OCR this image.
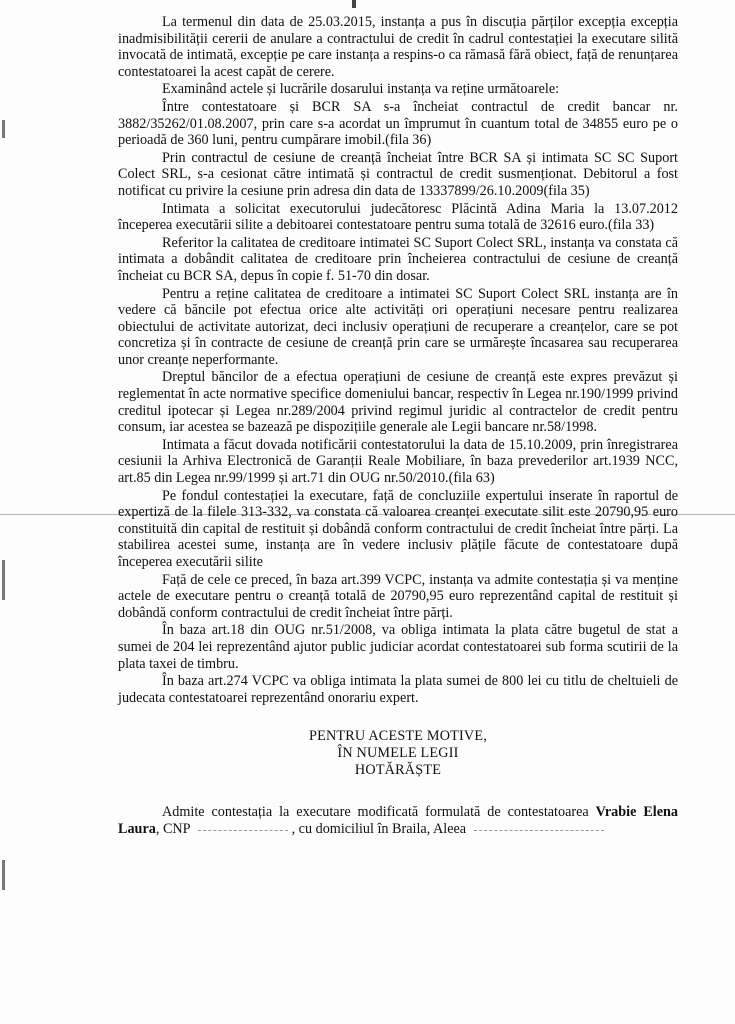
La termenul din data de 25.03.2015, instanța a pus în discuția părților excepția excepția inadmisibilității cererii de anulare a contractului de credit în cadrul contestației la executare silită invocată de intimată, excepție pe care instanța a respins-o ca rămasă fără obiect, față de renunțarea contestatoarei la acest capăt de cerere.

Examinând actele și lucrările dosarului instanța va reține următoarele:

Între contestatoare și BCR SA s-a încheiat contractul de credit bancar nr. 3882/35262/01.08.2007, prin care s-a acordat un împrumut în cuantum total de 34855 euro pe o perioadă de 360 luni, pentru cumpărare imobil.(fila 36)

Prin contractul de cesiune de creanță încheiat între BCR SA și intimata SC SC Suport Colect SRL, s-a cesionat către intimată și contractul de credit susmenționat. Debitorul a fost notificat cu privire la cesiune prin adresa din data de 13337899/26.10.2009(fila 35)

Intimata a solicitat executorului judecătoresc Plăcintă Adina Maria la 13.07.2012 începerea executării silite a debitoarei contestatoare pentru suma totală de 32616 euro.(fila 33)

Referitor la calitatea de creditoare intimatei SC Suport Colect SRL, instanța va constata că intimata a dobândit calitatea de creditoare prin încheierea contractului de cesiune de creanță încheiat cu BCR SA, depus în copie f. 51-70 din dosar.

Pentru a reține calitatea de creditoare a intimatei SC Suport Colect SRL instanța are în vedere că băncile pot efectua orice alte activități ori operațiuni necesare pentru realizarea obiectului de activitate autorizat, deci inclusiv operațiuni de recuperare a creanțelor, care se pot concretiza și în contracte de cesiune de creanță prin care se urmărește încasarea sau recuperarea unor creanțe neperformante.

Dreptul băncilor de a efectua operațiuni de cesiune de creanță este expres prevăzut și reglementat în acte normative specifice domeniului bancar, respectiv în Legea nr.190/1999 privind creditul ipotecar și Legea nr.289/2004 privind regimul juridic al contractelor de credit pentru consum, iar acestea se bazează pe dispozițiile generale ale Legii bancare nr.58/1998.

Intimata a făcut dovada notificării contestatorului la data de 15.10.2009, prin înregistrarea cesiunii la Arhiva Electronică de Garanții Reale Mobiliare, în baza prevederilor art.1939 NCC, art.85 din Legea nr.99/1999 și art.71 din OUG nr.50/2010.(fila 63)

Pe fondul contestației la executare, față de concluziile expertului inserate în raportul de expertiză de la filele 313-332, va constata că valoarea creanței executate silit este 20790,95 euro constituită din capital de restituit și dobândă conform contractului de credit încheiat între părți. La stabilirea acestei sume, instanța are în vedere inclusiv plățile făcute de contestatoare după începerea executării silite

Față de cele ce preced, în baza art.399 VCPC, instanța va admite contestația și va menține actele de executare pentru o creanță totală de 20790,95 euro reprezentând capital de restituit și dobândă conform contractului de credit încheiat între părți.

În baza art.18 din OUG nr.51/2008, va obliga intimata la plata către bugetul de stat a sumei de 204 lei reprezentând ajutor public judiciar acordat contestatoarei sub forma scutirii de la plata taxei de timbru.

În baza art.274 VCPC va obliga intimata la plata sumei de 800 lei cu titlu de cheltuieli de judecata contestatoarei reprezentând onorariu expert.

PENTRU ACESTE MOTIVE,

ÎN NUMELE LEGII

HOTĂRĂȘTE

Admite contestația la executare modificată formulată de contestatoarea Vrabie Elena Laura, CNP	, cu domiciliul în Braila, Aleea
